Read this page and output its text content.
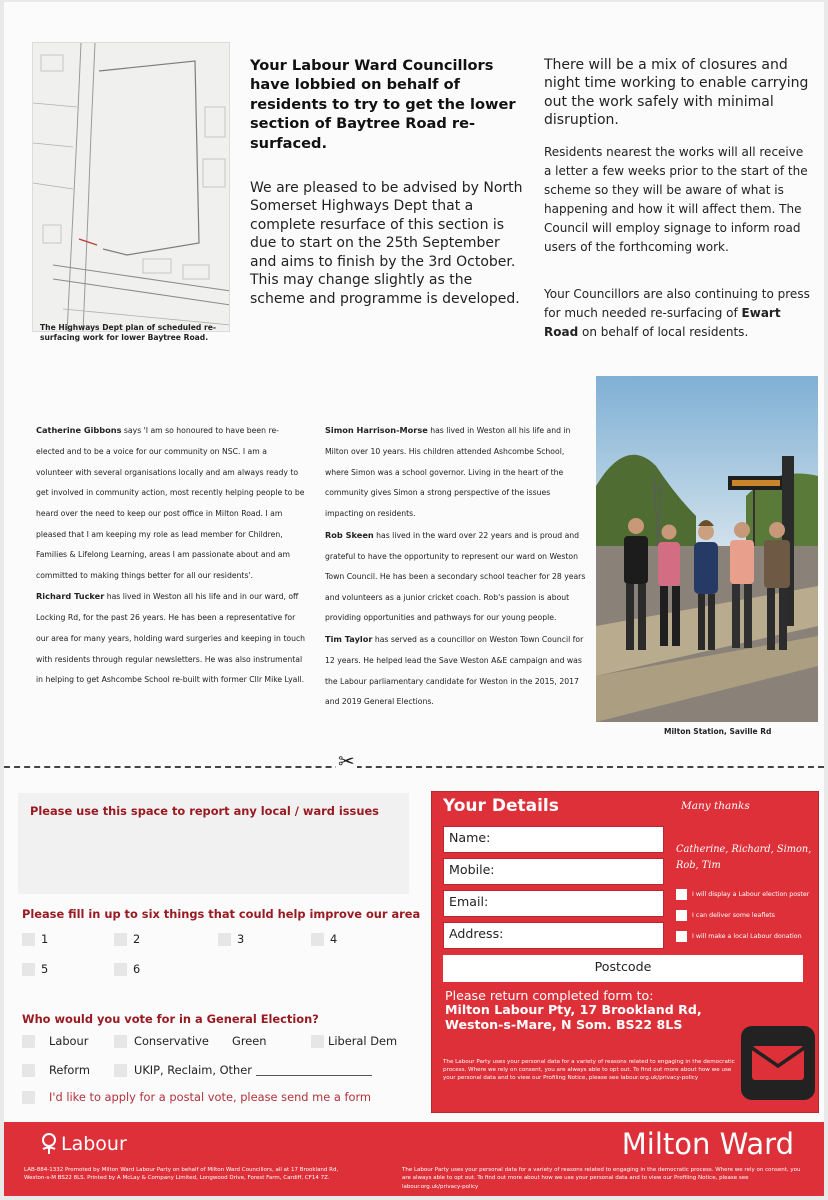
The Highways Dept plan of scheduled re-surfacing work for lower Baytree Road.
Your Labour Ward Councillors have lobbied on behalf of residents to try to get the lower section of Baytree Road re-surfaced.
We are pleased to be advised by North Somerset Highways Dept that a complete resurface of this section is due to start on the 25th September and aims to finish by the 3rd October. This may change slightly as the scheme and programme is developed.
There will be a mix of closures and night time working to enable carrying out the work safely with minimal disruption.
Residents nearest the works will all receive a letter a few weeks prior to the start of the scheme so they will be aware of what is happening and how it will affect them. The Council will employ signage to inform road users of the forthcoming work.
Your Councillors are also continuing to press for much needed re-surfacing of Ewart Road on behalf of local residents.

Catherine Gibbons says 'I am so honoured to have been re-elected and to be a voice for our community on NSC. I am a volunteer with several organisations locally and am always ready to get involved in community action, most recently helping people to be heard over the need to keep our post office in Milton Road. I am pleased that I am keeping my role as lead member for Children, Families & Lifelong Learning, areas I am passionate about and am committed to making things better for all our residents'.

Richard Tucker has lived in Weston all his life and in our ward, off Locking Rd, for the past 26 years. He has been a representative for our area for many years, holding ward surgeries and keeping in touch with residents through regular newsletters. He was also instrumental in helping to get Ashcombe School re-built with former Cllr Mike Lyall.

Simon Harrison-Morse has lived in Weston all his life and in Milton over 10 years. His children attended Ashcombe School, where Simon was a school governor. Living in the heart of the community gives Simon a strong perspective of the issues impacting on residents.

Rob Skeen has lived in the ward over 22 years and is proud and grateful to have the opportunity to represent our ward on Weston Town Council. He has been a secondary school teacher for 28 years and volunteers as a junior cricket coach. Rob's passion is about providing opportunities and pathways for our young people.

Tim Taylor has served as a councillor on Weston Town Council for 12 years. He helped lead the Save Weston A&E campaign and was the Labour parliamentary candidate for Weston in the 2015, 2017 and 2019 General Elections.

Milton Station, Saville Rd
✂
Please use this space to report any local / ward issues
Please fill in up to six things that could help improve our area
1	2	3	4
5	6
Who would you vote for in a General Election?
Labour	Conservative Green	Liberal Dem
Reform	UKIP, Reclaim, Other
I'd like to apply for a postal vote, please send me a form
Your Details
Name:
Mobile:
Email:
Address:
Postcode
Please return completed form to:
Milton Labour Pty, 17 Brookland Rd,
Weston-s-Mare, N Som. BS22 8LS
Many thanks
Catherine, Richard, Simon, Rob, Tim
I will display a Labour election poster
I can deliver some leaflets
I will make a local Labour donation
The Labour Party uses your personal data for a variety of reasons related to engaging in the democratic process. Where we rely on consent, you are always able to opt out. To find out more about how we use your personal data and to view our Profiling Notice, please see labour.org.uk/privacy-policy
Labour	Milton Ward
LAB-884-1332 Promoted by Milton Ward Labour Party on behalf of Milton Ward Councillors, all at 17 Brookland Rd, Weston-s-M BS22 8LS. Printed by A McLay & Company Limited, Longwood Drive, Forest Farm, Cardiff, CF14 7Z.
The Labour Party uses your personal data for a variety of reasons related to engaging in the democratic process. Where we rely on consent, you are always able to opt out. To find out more about how we use your personal data and to view our Profiling Notice, please see labour.org.uk/privacy-policy
